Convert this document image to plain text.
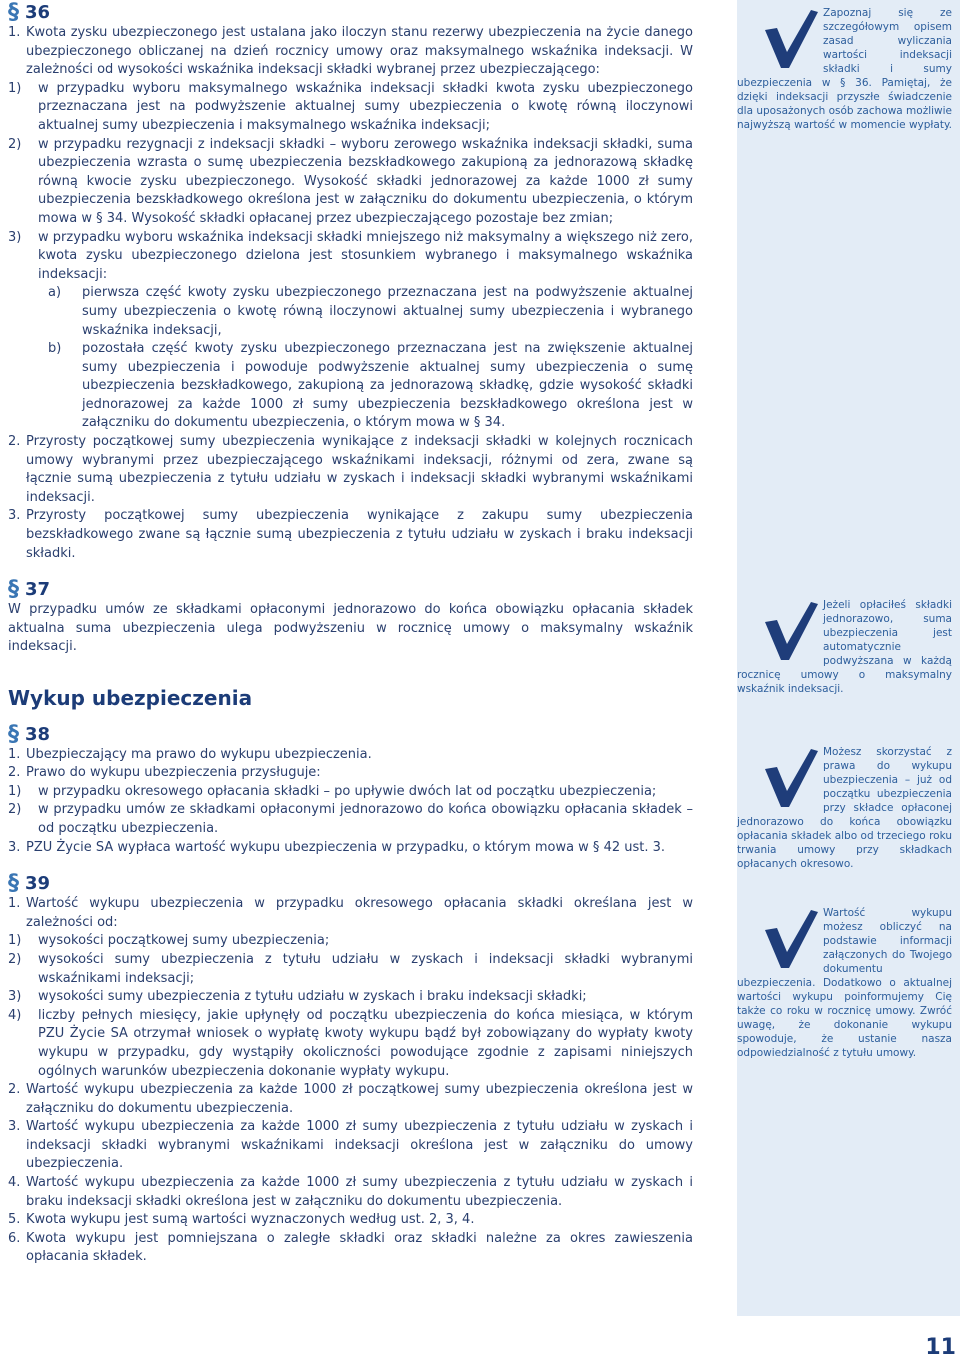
§ 36
1. Kwota zysku ubezpieczonego jest ustalana jako iloczyn stanu rezerwy ubezpieczenia na życie danego ubezpieczonego obliczanej na dzień rocznicy umowy oraz maksymalnego wskaźnika indeksacji. W zależności od wysokości wskaźnika indeksacji składki wybranej przez ubezpieczającego:
1)	w przypadku wyboru maksymalnego wskaźnika indeksacji składki kwota zysku ubezpieczonego przeznaczana jest na podwyższenie aktualnej sumy ubezpieczenia o kwotę równą iloczynowi aktualnej sumy ubezpieczenia i maksymalnego wskaźnika indeksacji;
2)	w przypadku rezygnacji z indeksacji składki – wyboru zerowego wskaźnika indeksacji składki, suma ubezpieczenia wzrasta o sumę ubezpieczenia bezskładkowego zakupioną za jednorazową składkę równą kwocie zysku ubezpieczonego. Wysokość składki jednorazowej za każde 1000 zł sumy ubezpieczenia bezskładkowego określona jest w załączniku do dokumentu ubezpieczenia, o którym mowa w § 34. Wysokość składki opłacanej przez ubezpieczającego pozostaje bez zmian;
3)	w przypadku wyboru wskaźnika indeksacji składki mniejszego niż maksymalny a większego niż zero, kwota zysku ubezpieczonego dzielona jest stosunkiem wybranego i maksymalnego wskaźnika indeksacji:
a)	pierwsza część kwoty zysku ubezpieczonego przeznaczana jest na podwyższenie aktualnej sumy ubezpieczenia o kwotę równą iloczynowi aktualnej sumy ubezpieczenia i wybranego wskaźnika indeksacji,
b)	pozostała część kwoty zysku ubezpieczonego przeznaczana jest na zwiększenie aktualnej sumy ubezpieczenia i powoduje podwyższenie aktualnej sumy ubezpieczenia o sumę ubezpieczenia bezskładkowego, zakupioną za jednorazową składkę, gdzie wysokość składki jednorazowej za każde 1000 zł sumy ubezpieczenia bezskładkowego określona jest w załączniku do dokumentu ubezpieczenia, o którym mowa w § 34.
2. Przyrosty początkowej sumy ubezpieczenia wynikające z indeksacji składki w kolejnych rocznicach umowy wybranymi przez ubezpieczającego wskaźnikami indeksacji, różnymi od zera, zwane są łącznie sumą ubezpieczenia z tytułu udziału w zyskach i indeksacji składki wybranymi wskaźnikami indeksacji.
3. Przyrosty początkowej sumy ubezpieczenia wynikające z zakupu sumy ubezpieczenia bezskładkowego zwane są łącznie sumą ubezpieczenia z tytułu udziału w zyskach i braku indeksacji składki.
§ 37

W przypadku umów ze składkami opłaconymi jednorazowo do końca obowiązku opłacania składek aktualna suma ubezpieczenia ulega podwyższeniu w rocznicę umowy o maksymalny wskaźnik indeksacji.

Wykup ubezpieczenia
§ 38
1. Ubezpieczający ma prawo do wykupu ubezpieczenia.
2. Prawo do wykupu ubezpieczenia przysługuje:
1)	w przypadku okresowego opłacania składki – po upływie dwóch lat od początku ubezpieczenia;
2)	w przypadku umów ze składkami opłaconymi jednorazowo do końca obowiązku opłacania składek – od początku ubezpieczenia.
3. PZU Życie SA wypłaca wartość wykupu ubezpieczenia w przypadku, o którym mowa w § 42 ust. 3.
§ 39
1. Wartość wykupu ubezpieczenia w przypadku okresowego opłacania składki określana jest w zależności od:
1)	wysokości początkowej sumy ubezpieczenia;
2)	wysokości sumy ubezpieczenia z tytułu udziału w zyskach i indeksacji składki wybranymi wskaźnikami indeksacji;
3)	wysokości sumy ubezpieczenia z tytułu udziału w zyskach i braku indeksacji składki;
4)	liczby pełnych miesięcy, jakie upłynęły od początku ubezpieczenia do końca miesiąca, w którym PZU Życie SA otrzymał wniosek o wypłatę kwoty wykupu bądź był zobowiązany do wypłaty kwoty wykupu w przypadku, gdy wystąpiły okoliczności powodujące zgodnie z zapisami niniejszych ogólnych warunków ubezpieczenia dokonanie wypłaty wykupu.
2. Wartość wykupu ubezpieczenia za każde 1000 zł początkowej sumy ubezpieczenia określona jest w załączniku do dokumentu ubezpieczenia.
3. Wartość wykupu ubezpieczenia za każde 1000 zł sumy ubezpieczenia z tytułu udziału w zyskach i indeksacji składki wybranymi wskaźnikami indeksacji określona jest w załączniku do umowy ubezpieczenia.
4. Wartość wykupu ubezpieczenia za każde 1000 zł sumy ubezpieczenia z tytułu udziału w zyskach i braku indeksacji składki określona jest w załączniku do dokumentu ubezpieczenia.
5. Kwota wykupu jest sumą wartości wyznaczonych według ust. 2, 3, 4.
6. Kwota wykupu jest pomniejszana o zaległe składki oraz składki należne za okres zawieszenia opłacania składek.
Zapoznaj się ze szczegółowym opisem zasad wyliczania wartości indeksacji składki i sumy ubezpieczenia w § 36. Pamiętaj, że dzięki indeksacji przyszłe świadczenie dla uposażonych osób zachowa możliwie najwyższą wartość w momencie wypłaty.
Jeżeli opłaciłeś składki jednorazowo, suma ubezpieczenia jest automatycznie podwyższana w każdą rocznicę umowy o maksymalny wskaźnik indeksacji.
Możesz skorzystać z prawa do wykupu ubezpieczenia – już od początku ubezpieczenia przy składce opłaconej jednorazowo do końca obowiązku opłacania składek albo od trzeciego roku trwania umowy przy składkach opłacanych okresowo.
Wartość wykupu możesz obliczyć na podstawie informacji załączonych do Twojego dokumentu ubezpieczenia. Dodatkowo o aktualnej wartości wykupu poinformujemy Cię także co roku w rocznicę umowy. Zwróć uwagę, że dokonanie wykupu spowoduje, że ustanie nasza odpowiedzialność z tytułu umowy.
11
